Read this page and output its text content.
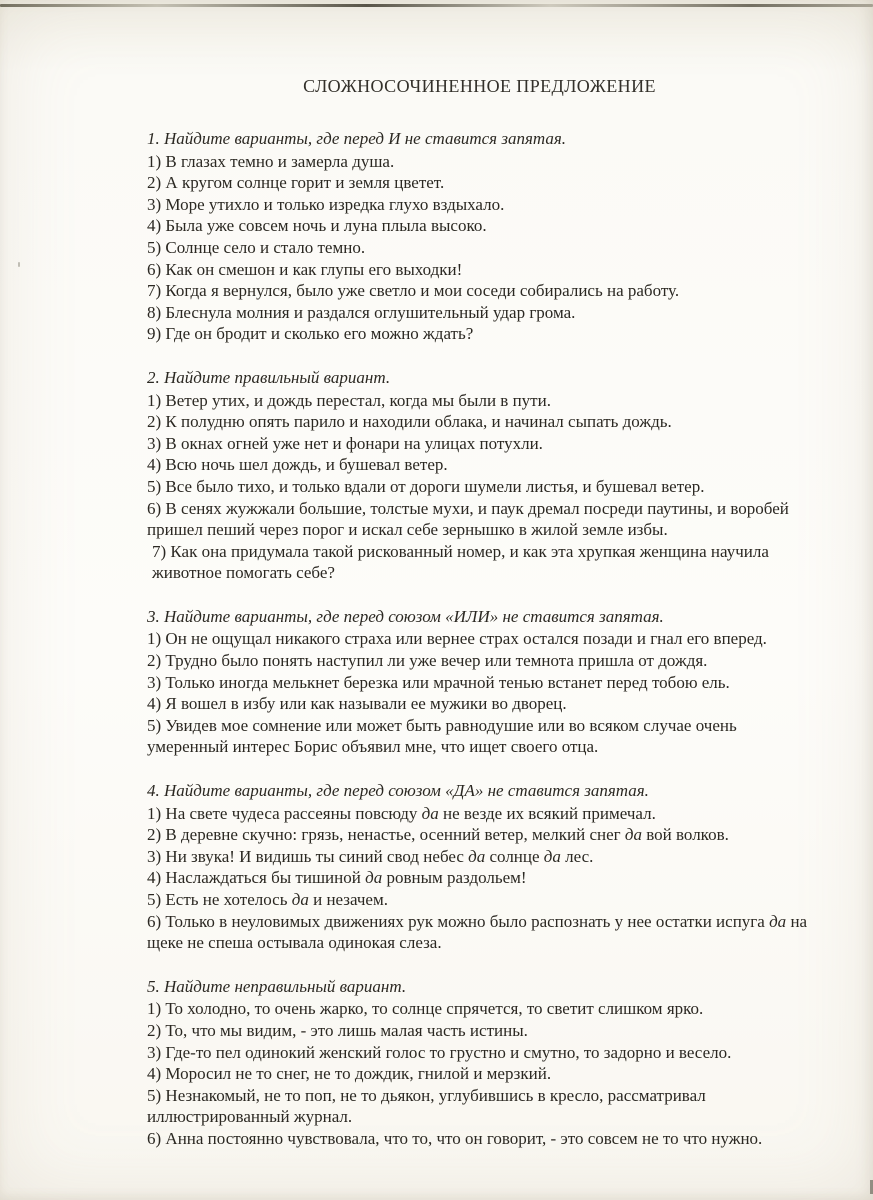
СЛОЖНОСОЧИНЕННОЕ ПРЕДЛОЖЕНИЕ

1. Найдите варианты, где перед И не ставится запятая.

1) В глазах темно и замерла душа.

2) А кругом солнце горит и земля цветет.

3) Море утихло и только изредка глухо вздыхало.

4) Была уже совсем ночь и луна плыла высоко.

5) Солнце село и стало темно.

6) Как он смешон и как глупы его выходки!

7) Когда я вернулся, было уже светло и мои соседи собирались на работу.

8) Блеснула молния и раздался оглушительный удар грома.

9) Где он бродит и сколько его можно ждать?

2. Найдите правильный вариант.

1) Ветер утих, и дождь перестал, когда мы были в пути.

2) К полудню опять парило и находили облака, и начинал сыпать дождь.

3) В окнах огней уже нет и фонари на улицах потухли.

4) Всю ночь шел дождь, и бушевал ветер.

5) Все было тихо, и только вдали от дороги шумели листья, и бушевал ветер.

6) В сенях жужжали большие, толстые мухи, и паук дремал посреди паутины, и воробей пришел пеший через порог и искал себе зернышко в жилой земле избы.

7) Как она придумала такой рискованный номер, и как эта хрупкая женщина научила животное помогать себе?

3. Найдите варианты, где перед союзом «ИЛИ» не ставится запятая.

1) Он не ощущал никакого страха или вернее страх остался позади и гнал его вперед.

2) Трудно было понять наступил ли уже вечер или темнота пришла от дождя.

3) Только иногда мелькнет березка или мрачной тенью встанет перед тобою ель.

4) Я вошел в избу или как называли ее мужики во дворец.

5) Увидев мое сомнение или может быть равнодушие или во всяком случае очень умеренный интерес Борис объявил мне, что ищет своего отца.

4. Найдите варианты, где перед союзом «ДА» не ставится запятая.

1) На свете чудеса рассеяны повсюду да не везде их всякий примечал.

2) В деревне скучно: грязь, ненастье, осенний ветер, мелкий снег да вой волков.

3) Ни звука! И видишь ты синий свод небес да солнце да лес.

4) Наслаждаться бы тишиной да ровным раздольем!

5) Есть не хотелось да и незачем.

6) Только в неуловимых движениях рук можно было распознать у нее остатки испуга да на щеке не спеша остывала одинокая слеза.

5. Найдите неправильный вариант.

1) То холодно, то очень жарко, то солнце спрячется, то светит слишком ярко.

2) То, что мы видим, - это лишь малая часть истины.

3) Где-то пел одинокий женский голос то грустно и смутно, то задорно и весело.

4) Моросил не то снег, не то дождик, гнилой и мерзкий.

5) Незнакомый, не то поп, не то дьякон, углубившись в кресло, рассматривал иллюстрированный журнал.

6) Анна постоянно чувствовала, что то, что он говорит, - это совсем не то что нужно.
